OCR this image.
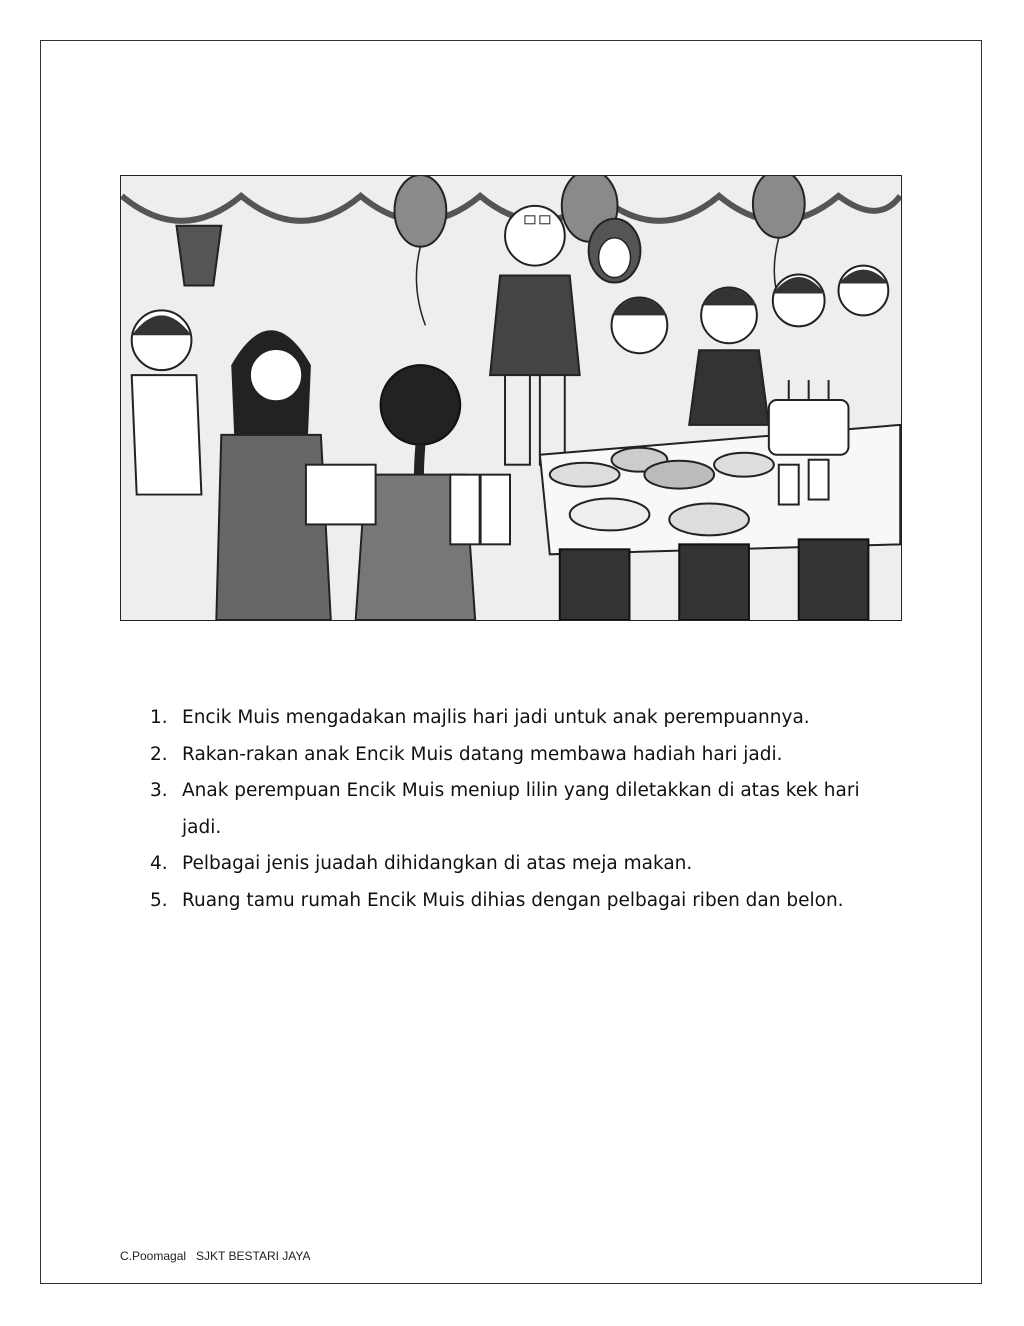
1. Encik Muis mengadakan majlis hari jadi untuk anak perempuannya.
2. Rakan-rakan anak Encik Muis datang membawa hadiah hari jadi.
3. Anak perempuan Encik Muis meniup lilin yang diletakkan di atas kek hari jadi.
4. Pelbagai jenis juadah dihidangkan di atas meja makan.
5. Ruang tamu rumah Encik Muis dihias dengan pelbagai riben dan belon.
C.Poomagal   SJKT BESTARI JAYA
